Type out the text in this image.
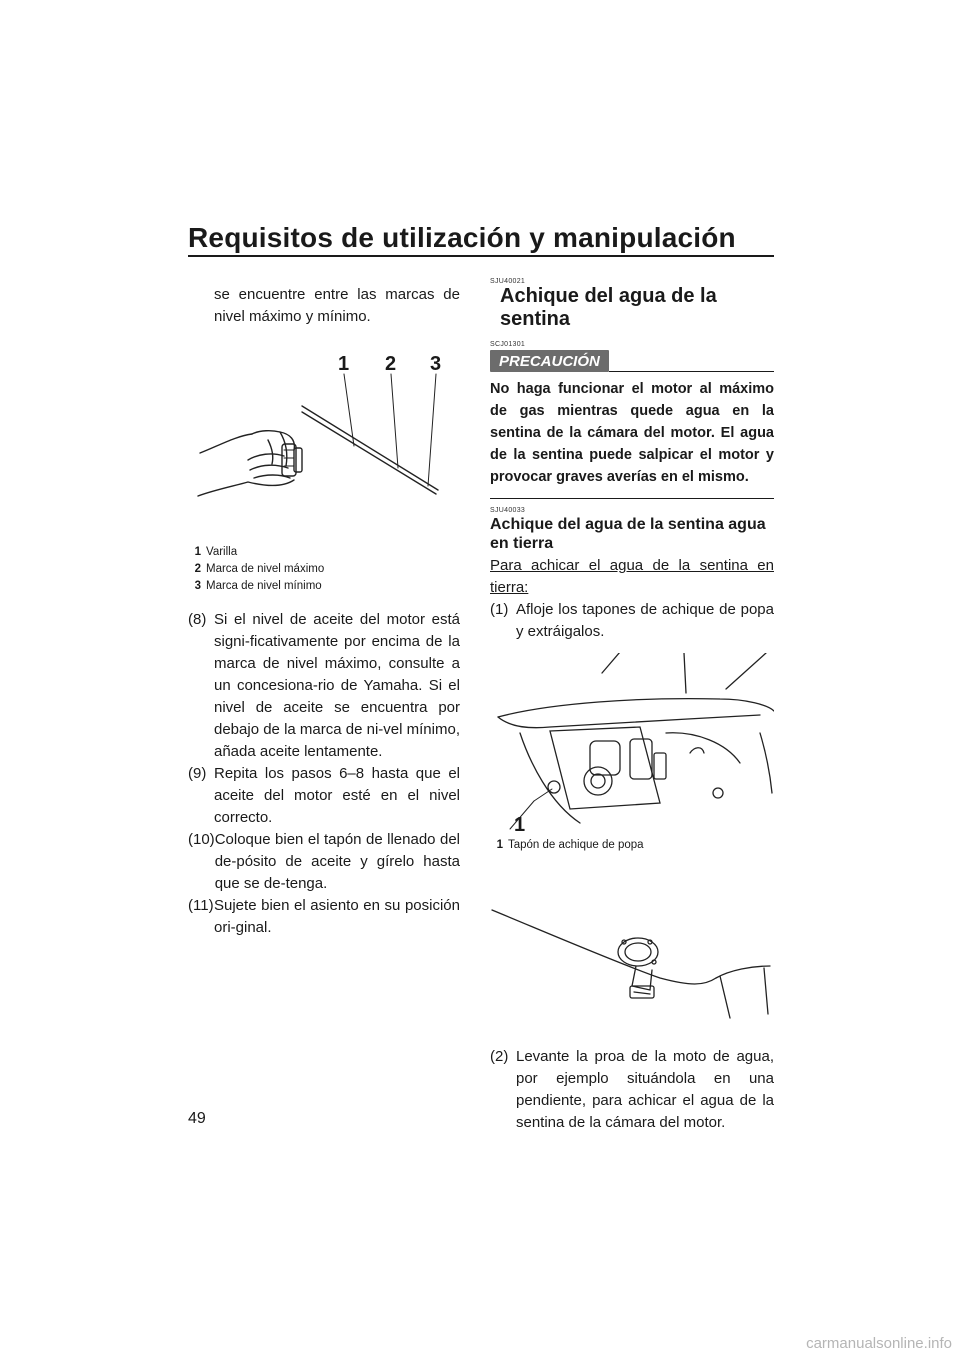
Requisitos de utilización y manipulación
se encuentre entre las marcas de nivel máximo y mínimo.
1 2 3
1 Varilla
2 Marca de nivel máximo
3 Marca de nivel mínimo
(8) Si el nivel de aceite del motor está signi-ficativamente por encima de la marca de nivel máximo, consulte a un concesiona-rio de Yamaha. Si el nivel de aceite se encuentra por debajo de la marca de ni-vel mínimo, añada aceite lentamente.
(9) Repita los pasos 6–8 hasta que el aceite del motor esté en el nivel correcto.
(10) Coloque bien el tapón de llenado del de-pósito de aceite y gírelo hasta que se de-tenga.
(11) Sujete bien el asiento en su posición ori-ginal.
SJU40021
Achique del agua de la sentina
SCJ01301
PRECAUCIÓN
No haga funcionar el motor al máximo de gas mientras quede agua en la sentina de la cámara del motor. El agua de la sentina puede salpicar el motor y provocar graves averías en el mismo.
SJU40033
Achique del agua de la sentina agua en tierra
Para achicar el agua de la sentina en tierra:
(1) Afloje los tapones de achique de popa y extráigalos.
1
1 Tapón de achique de popa
(2) Levante la proa de la moto de agua, por ejemplo situándola en una pendiente, para achicar el agua de la sentina de la cámara del motor.
49
carmanualsonline.info
